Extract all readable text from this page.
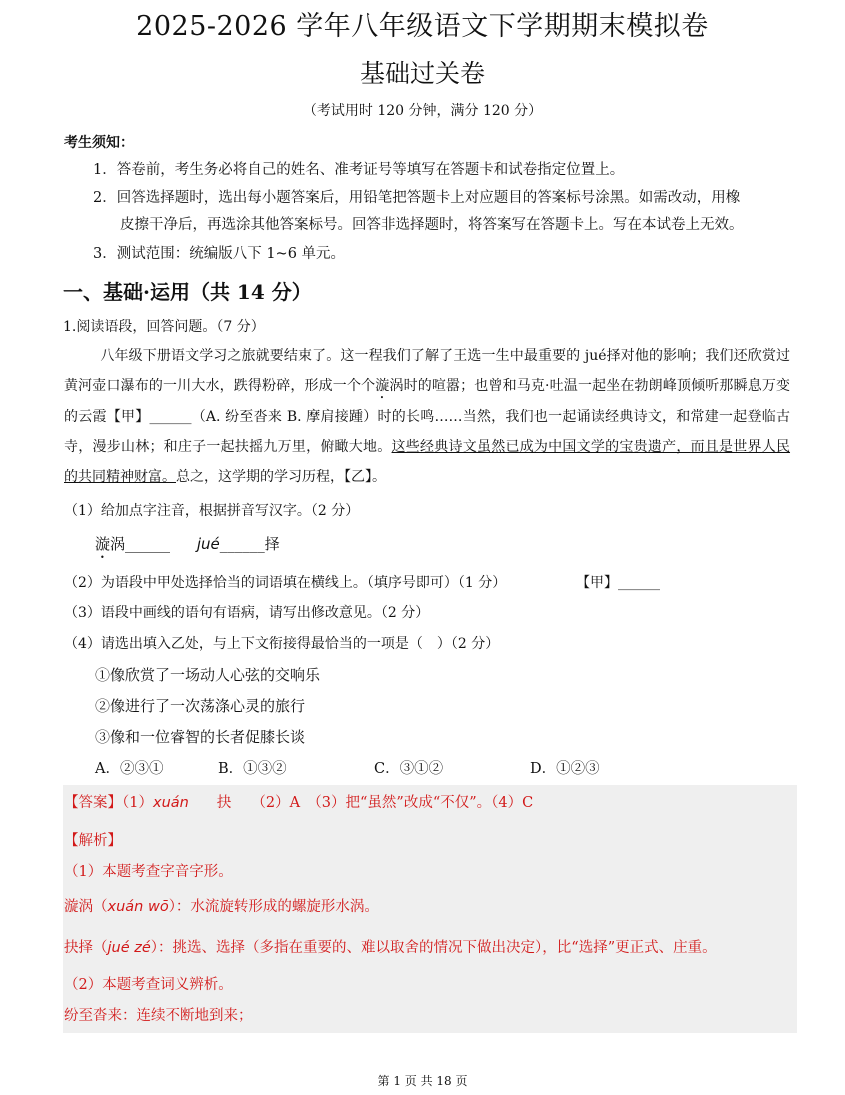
2025-2026 学年八年级语文下学期期末模拟卷
基础过关卷
（考试用时 120 分钟，满分 120 分）
考生须知：
1．答卷前，考生务必将自己的姓名、准考证号等填写在答题卡和试卷指定位置上。
2．回答选择题时，选出每小题答案后，用铅笔把答题卡上对应题目的答案标号涂黑。如需改动，用橡
皮擦干净后，再选涂其他答案标号。回答非选择题时，将答案写在答题卡上。写在本试卷上无效。
3．测试范围：统编版八下 1~6 单元。
一、基础·运用（共 14 分）
1.阅读语段，回答问题。（7 分）

八年级下册语文学习之旅就要结束了。这一程我们了解了王选一生中最重要的 jué择对他的影响；我们还欣赏过黄河壶口瀑布的一川大水，跌得粉碎，形成一个个漩涡时的喧嚣；也曾和马克·吐温一起坐在勃朗峰顶倾听那瞬息万变的云霞【甲】______（A. 纷至沓来 B. 摩肩接踵）时的长鸣……当然，我们也一起诵读经典诗文，和常建一起登临古寺，漫步山林；和庄子一起扶摇九万里，俯瞰大地。这些经典诗文虽然已成为中国文学的宝贵遗产，而且是世界人民的共同精神财富。总之，这学期的学习历程，【乙】。

（1）给加点字注音，根据拼音写汉字。（2 分）
漩涡______ jué______择
（2）为语段中甲处选择恰当的词语填在横线上。（填序号即可）（1 分）	【甲】______
（3）语段中画线的语句有语病，请写出修改意见。（2 分）
（4）请选出填入乙处，与上下文衔接得最恰当的一项是（　）（2 分）
①像欣赏了一场动人心弦的交响乐
②像进行了一次荡涤心灵的旅行
③像和一位睿智的长者促膝长谈
A．②③①	B．①③②	C．③①②	D．①②③
【答案】（1）xuán 抉 （2）A　（3）把“虽然”改成“不仅”。（4）C
【解析】
（1）本题考查字音字形。
漩涡（xuán wō）：水流旋转形成的螺旋形水涡。
抉择（jué zé）：挑选、选择（多指在重要的、难以取舍的情况下做出决定），比“选择”更正式、庄重。
（2）本题考查词义辨析。
纷至沓来：连续不断地到来；
第 1 页 共 18 页
